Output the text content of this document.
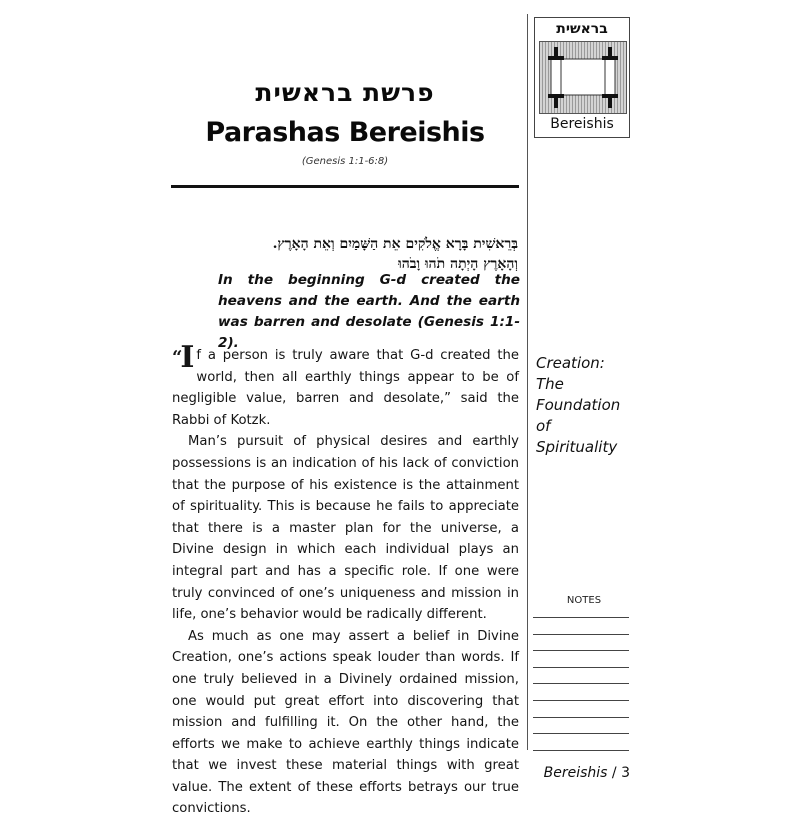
פרשת בראשית
Parashas Bereishis
(Genesis 1:1-6:8)
בְּרֵאשִׁית בָּרָא אֱלֹקִים אֵת הַשָּׁמַיִם וְאֵת הָאָרֶץ.
וְהָאָרֶץ הָיְתָה תֹהוּ וָבֹהוּ
In the beginning G-d created the heavens and the earth. And the earth was barren and desolate (Genesis 1:1-2).

“I f a person is truly aware that G-d created the world, then all earthly things appear to be of negligible value, barren and desolate,” said the Rabbi of Kotzk.

Man’s pursuit of physical desires and earthly possessions is an indication of his lack of conviction that the purpose of his existence is the attainment of spirituality. This is because he fails to appreciate that there is a master plan for the universe, a Divine design in which each individual plays an integral part and has a specific role. If one were truly convinced of one’s uniqueness and mission in life, one’s behavior would be radically different.

As much as one may assert a belief in Divine Creation, one’s actions speak louder than words. If one truly believed in a Divinely ordained mission, one would put great effort into discovering that mission and fulfilling it. On the other hand, the efforts we make to achieve earthly things indicate that we invest these material things with great value. The extent of these efforts betrays our true convictions.

בראשית
Bereishis
Creation:
The
Foundation
of
Spirituality
NOTES
Bereishis / 3
